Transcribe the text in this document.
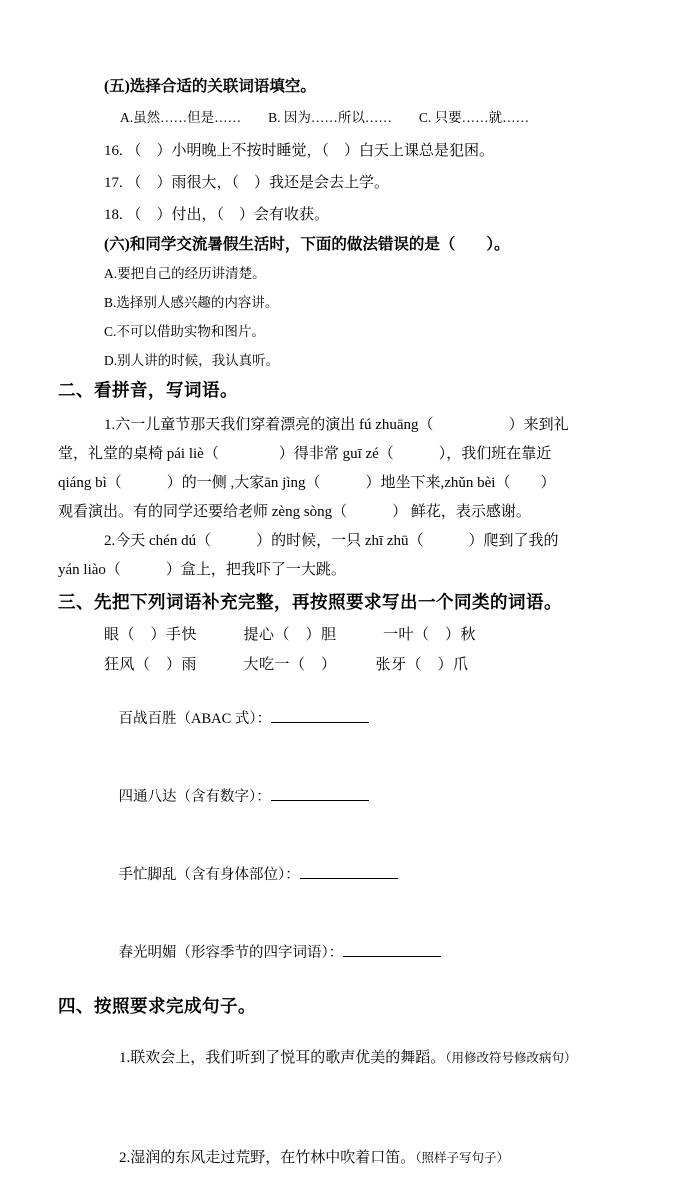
(五)选择合适的关联词语填空。
A.虽然……但是……　　B. 因为……所以……　　C. 只要……就……
16. （　）小明晚上不按时睡觉，（　）白天上课总是犯困。
17. （　）雨很大，（　）我还是会去上学。
18. （　）付出，（　）会有收获。
(六)和同学交流暑假生活时，下面的做法错误的是（　　）。
A.要把自己的经历讲清楚。
B.选择别人感兴趣的内容讲。
C.不可以借助实物和图片。
D.别人讲的时候，我认真听。
二、看拼音，写词语。
1.六一儿童节那天我们穿着漂亮的演出 fú zhuāng（　　　　　）来到礼
堂，礼堂的桌椅 pái liè（　　　　）得非常 guī zé（　　　），我们班在靠近
qiáng bì（　　　）的一侧 ,大家ān jìng（　　　）地坐下来,zhǔn bèi（　　）
观看演出。有的同学还要给老师 zèng sòng（　　　） 鲜花，表示感谢。
2.今天 chén dú（　　　）的时候，一只 zhī zhū（　　　）爬到了我的
yán liào（　　　）盒上，把我吓了一大跳。
三、先把下列词语补充完整，再按照要求写出一个同类的词语。
眼（　）手快　　　提心（　）胆　　　一叶（　）秋
狂风（　）雨　　　大吃一（　）　　　张牙（　）爪

百战百胜（ABAC 式）：

四通八达（含有数字）：

手忙脚乱（含有身体部位）：

春光明媚（形容季节的四字词语）：

四、按照要求完成句子。

1.联欢会上，我们听到了悦耳的歌声优美的舞蹈。（用修改符号修改病句）

2.湿润的东风走过荒野，在竹林中吹着口笛。（照样子写句子）
